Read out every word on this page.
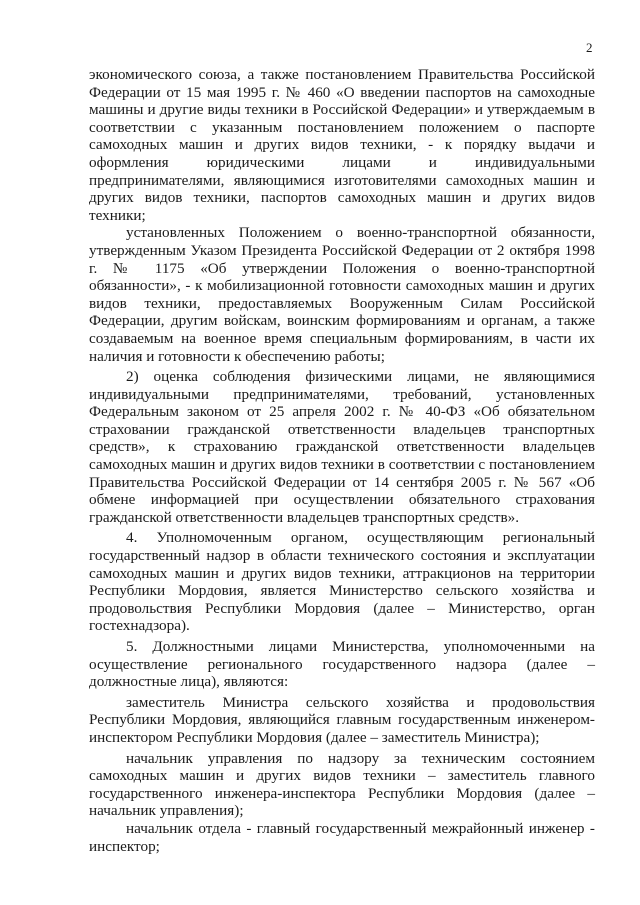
2

экономического союза, а также постановлением Правительства Российской Федерации от 15 мая 1995 г. № 460 «О введении паспортов на самоходные машины и другие виды техники в Российской Федерации» и утверждаемым в соответствии с указанным постановлением положением о паспорте самоходных машин и других видов техники, - к порядку выдачи и оформления юридическими лицами и индивидуальными предпринимателями, являющимися изготовителями самоходных машин и других видов техники, паспортов самоходных машин и других видов техники;

установленных Положением о военно-транспортной обязанности, утвержденным Указом Президента Российской Федерации от 2 октября 1998 г. № 1175 «Об утверждении Положения о военно-транспортной обязанности», - к мобилизационной готовности самоходных машин и других видов техники, предоставляемых Вооруженным Силам Российской Федерации, другим войскам, воинским формированиям и органам, а также создаваемым на военное время специальным формированиям, в части их наличия и готовности к обеспечению работы;

2) оценка соблюдения физическими лицами, не являющимися индивидуальными предпринимателями, требований, установленных Федеральным законом от 25 апреля 2002 г. № 40-ФЗ «Об обязательном страховании гражданской ответственности владельцев транспортных средств», к страхованию гражданской ответственности владельцев самоходных машин и других видов техники в соответствии с постановлением Правительства Российской Федерации от 14 сентября 2005 г. № 567 «Об обмене информацией при осуществлении обязательного страхования гражданской ответственности владельцев транспортных средств».

4. Уполномоченным органом, осуществляющим региональный государственный надзор в области технического состояния и эксплуатации самоходных машин и других видов техники, аттракционов на территории Республики Мордовия, является Министерство сельского хозяйства и продовольствия Республики Мордовия (далее – Министерство, орган гостехнадзора).

5. Должностными лицами Министерства, уполномоченными на осуществление регионального государственного надзора (далее – должностные лица), являются:

заместитель Министра сельского хозяйства и продовольствия Республики Мордовия, являющийся главным государственным инженером-инспектором Республики Мордовия (далее – заместитель Министра);

начальник управления по надзору за техническим состоянием самоходных машин и других видов техники – заместитель главного государственного инженера-инспектора Республики Мордовия (далее – начальник управления);

начальник отдела - главный государственный межрайонный инженер - инспектор;
